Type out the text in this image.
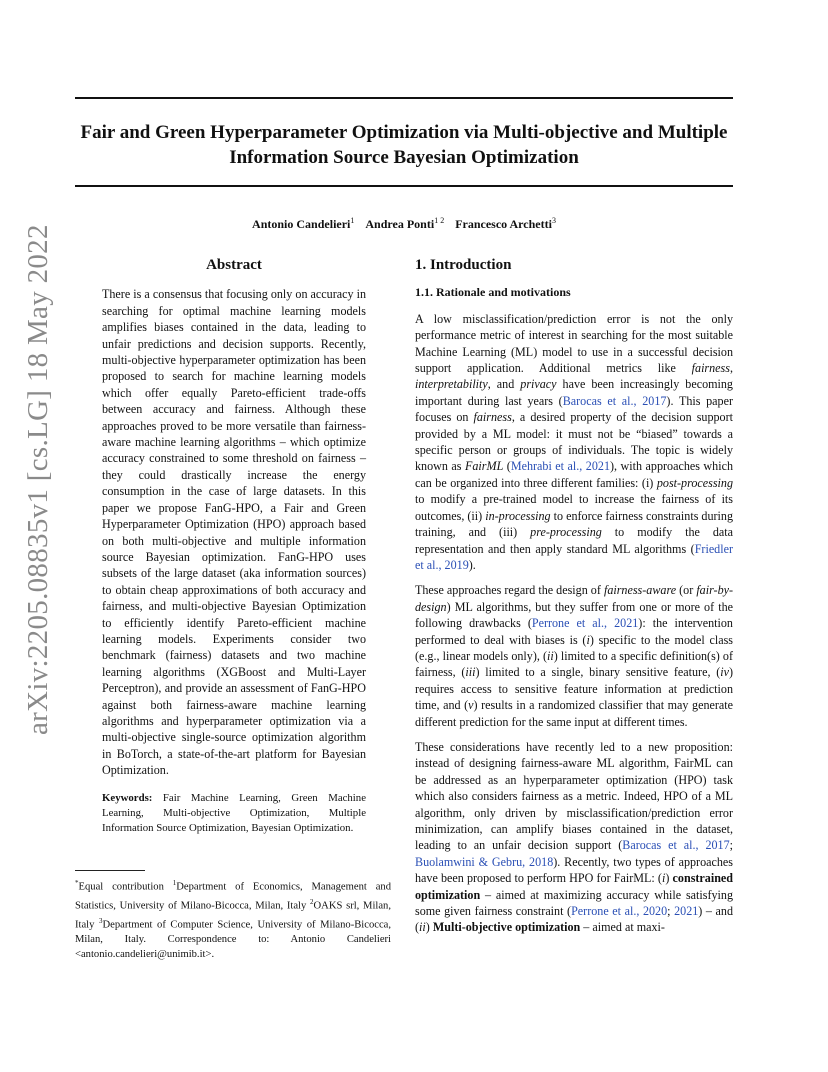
Fair and Green Hyperparameter Optimization via Multi-objective and Multiple Information Source Bayesian Optimization
Antonio Candelieri$^1$ Andrea Ponti$^{1 2}$ Francesco Archetti$^3$
arXiv:2205.08835v1 [cs.LG] 18 May 2022	Abstract

There is a consensus that focusing only on accuracy in searching for optimal machine learning models amplifies biases contained in the data, leading to unfair predictions and decision supports. Recently, multi-objective hyperparameter optimization has been proposed to search for machine learning models which offer equally Pareto-efficient trade-offs between accuracy and fairness. Although these approaches proved to be more versatile than fairness-aware machine learning algorithms – which optimize accuracy constrained to some threshold on fairness – they could drastically increase the energy consumption in the case of large datasets. In this paper we propose FanG-HPO, a Fair and Green Hyperparameter Optimization (HPO) approach based on both multi-objective and multiple information source Bayesian optimization. FanG-HPO uses subsets of the large dataset (aka information sources) to obtain cheap approximations of both accuracy and fairness, and multi-objective Bayesian Optimization to efficiently identify Pareto-efficient machine learning models. Experiments consider two benchmark (fairness) datasets and two machine learning algorithms (XGBoost and Multi-Layer Perceptron), and provide an assessment of FanG-HPO against both fairness-aware machine learning algorithms and hyperparameter optimization via a multi-objective single-source optimization algorithm in BoTorch, a state-of-the-art platform for Bayesian Optimization.

Keywords: Fair Machine Learning, Green Machine Learning, Multi-objective Optimization, Multiple Information Source Optimization, Bayesian Optimization.

*Equal contribution $^1$Department of Economics, Management and Statistics, University of Milano-Bicocca, Milan, Italy $^2$OAKS srl, Milan, Italy $^3$Department of Computer Science, University of Milano-Bicocca, Milan, Italy. Correspondence to: Antonio Candelieri <antonio.candelieri@unimib.it>.

1. Introduction
1.1. Rationale and motivations

A low misclassification/prediction error is not the only performance metric of interest in searching for the most suitable Machine Learning (ML) model to use in a successful decision support application. Additional metrics like fairness, interpretability, and privacy have been increasingly becoming important during last years (Barocas et al., 2017). This paper focuses on fairness, a desired property of the decision support provided by a ML model: it must not be “biased” towards a specific person or groups of individuals. The topic is widely known as FairML (Mehrabi et al., 2021), with approaches which can be organized into three different families: (i) post-processing to modify a pre-trained model to increase the fairness of its outcomes, (ii) in-processing to enforce fairness constraints during training, and (iii) pre-processing to modify the data representation and then apply standard ML algorithms (Friedler et al., 2019).

These approaches regard the design of fairness-aware (or fair-by-design) ML algorithms, but they suffer from one or more of the following drawbacks (Perrone et al., 2021): the intervention performed to deal with biases is (i) specific to the model class (e.g., linear models only), (ii) limited to a specific definition(s) of fairness, (iii) limited to a single, binary sensitive feature, (iv) requires access to sensitive feature information at prediction time, and (v) results in a randomized classifier that may generate different prediction for the same input at different times.

These considerations have recently led to a new proposition: instead of designing fairness-aware ML algorithm, FairML can be addressed as an hyperparameter optimization (HPO) task which also considers fairness as a metric. Indeed, HPO of a ML algorithm, only driven by misclassification/prediction error minimization, can amplify biases contained in the dataset, leading to an unfair decision support (Barocas et al., 2017; Buolamwini & Gebru, 2018). Recently, two types of approaches have been proposed to perform HPO for FairML: (i) constrained optimization – aimed at maximizing accuracy while satisfying some given fairness constraint (Perrone et al., 2020; 2021) – and (ii) Multi-objective optimization – aimed at maxi-
